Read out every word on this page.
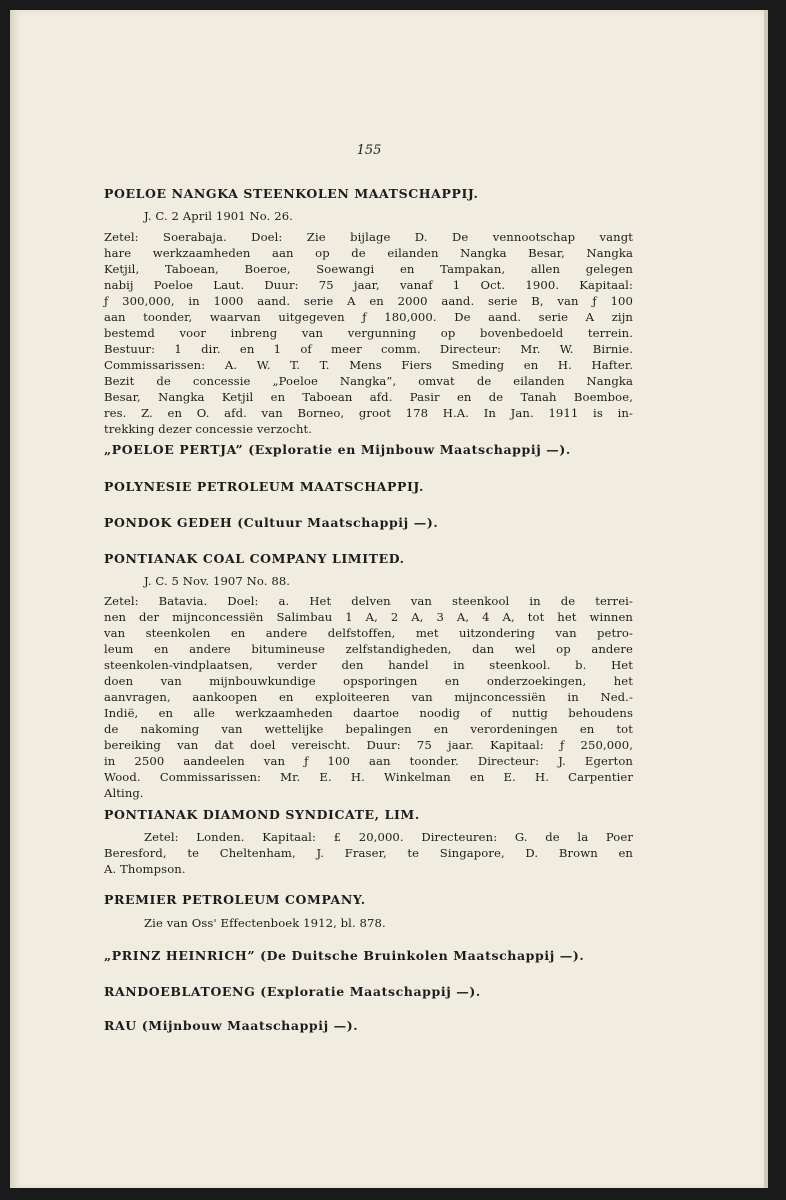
155
POELOE NANGKA STEENKOLEN MAATSCHAPPIJ.
J. C. 2 April 1901 No. 26.
Zetel: Soerabaja. Doel: Zie bijlage D. De vennootschap vangt
hare werkzaamheden aan op de eilanden Nangka Besar, Nangka
Ketjil, Taboean, Boeroe, Soewangi en Tampakan, allen gelegen
nabij Poeloe Laut. Duur: 75 jaar, vanaf 1 Oct. 1900. Kapitaal:
ƒ 300,000, in 1000 aand. serie A en 2000 aand. serie B, van ƒ 100
aan toonder, waarvan uitgegeven ƒ 180,000. De aand. serie A zijn
bestemd voor inbreng van vergunning op bovenbedoeld terrein.
Bestuur: 1 dir. en 1 of meer comm. Directeur: Mr. W. Birnie.
Commissarissen: A. W. T. T. Mens Fiers Smeding en H. Hafter.
Bezit de concessie „Poeloe Nangka”, omvat de eilanden Nangka
Besar, Nangka Ketjil en Taboean afd. Pasir en de Tanah Boemboe,
res. Z. en O. afd. van Borneo, groot 178 H.A. In Jan. 1911 is in-
trekking dezer concessie verzocht.
„POELOE PERTJA” (Exploratie en Mijnbouw Maatschappij —).
POLYNESIE PETROLEUM MAATSCHAPPIJ.
PONDOK GEDEH (Cultuur Maatschappij —).
PONTIANAK COAL COMPANY LIMITED.
J. C. 5 Nov. 1907 No. 88.
Zetel: Batavia. Doel: a. Het delven van steenkool in de terrei-
nen der mijnconcessiën Salimbau 1 A, 2 A, 3 A, 4 A, tot het winnen
van steenkolen en andere delfstoffen, met uitzondering van petro-
leum en andere bitumineuse zelfstandigheden, dan wel op andere
steenkolen-vindplaatsen, verder den handel in steenkool. b. Het
doen van mijnbouwkundige opsporingen en onderzoekingen, het
aanvragen, aankoopen en exploiteeren van mijnconcessiën in Ned.-
Indië, en alle werkzaamheden daartoe noodig of nuttig behoudens
de nakoming van wettelijke bepalingen en verordeningen en tot
bereiking van dat doel vereischt. Duur: 75 jaar. Kapitaal: ƒ 250,000,
in 2500 aandeelen van ƒ 100 aan toonder. Directeur: J. Egerton
Wood. Commissarissen: Mr. E. H. Winkelman en E. H. Carpentier
Alting.
PONTIANAK DIAMOND SYNDICATE, LIM.
Zetel: Londen. Kapitaal: £ 20,000. Directeuren: G. de la Poer
Beresford, te Cheltenham, J. Fraser, te Singapore, D. Brown en
A. Thompson.
PREMIER PETROLEUM COMPANY.
Zie van Oss' Effectenboek 1912, bl. 878.
„PRINZ HEINRICH” (De Duitsche Bruinkolen Maatschappij —).
RANDOEBLATOENG (Exploratie Maatschappij —).
RAU (Mijnbouw Maatschappij —).
